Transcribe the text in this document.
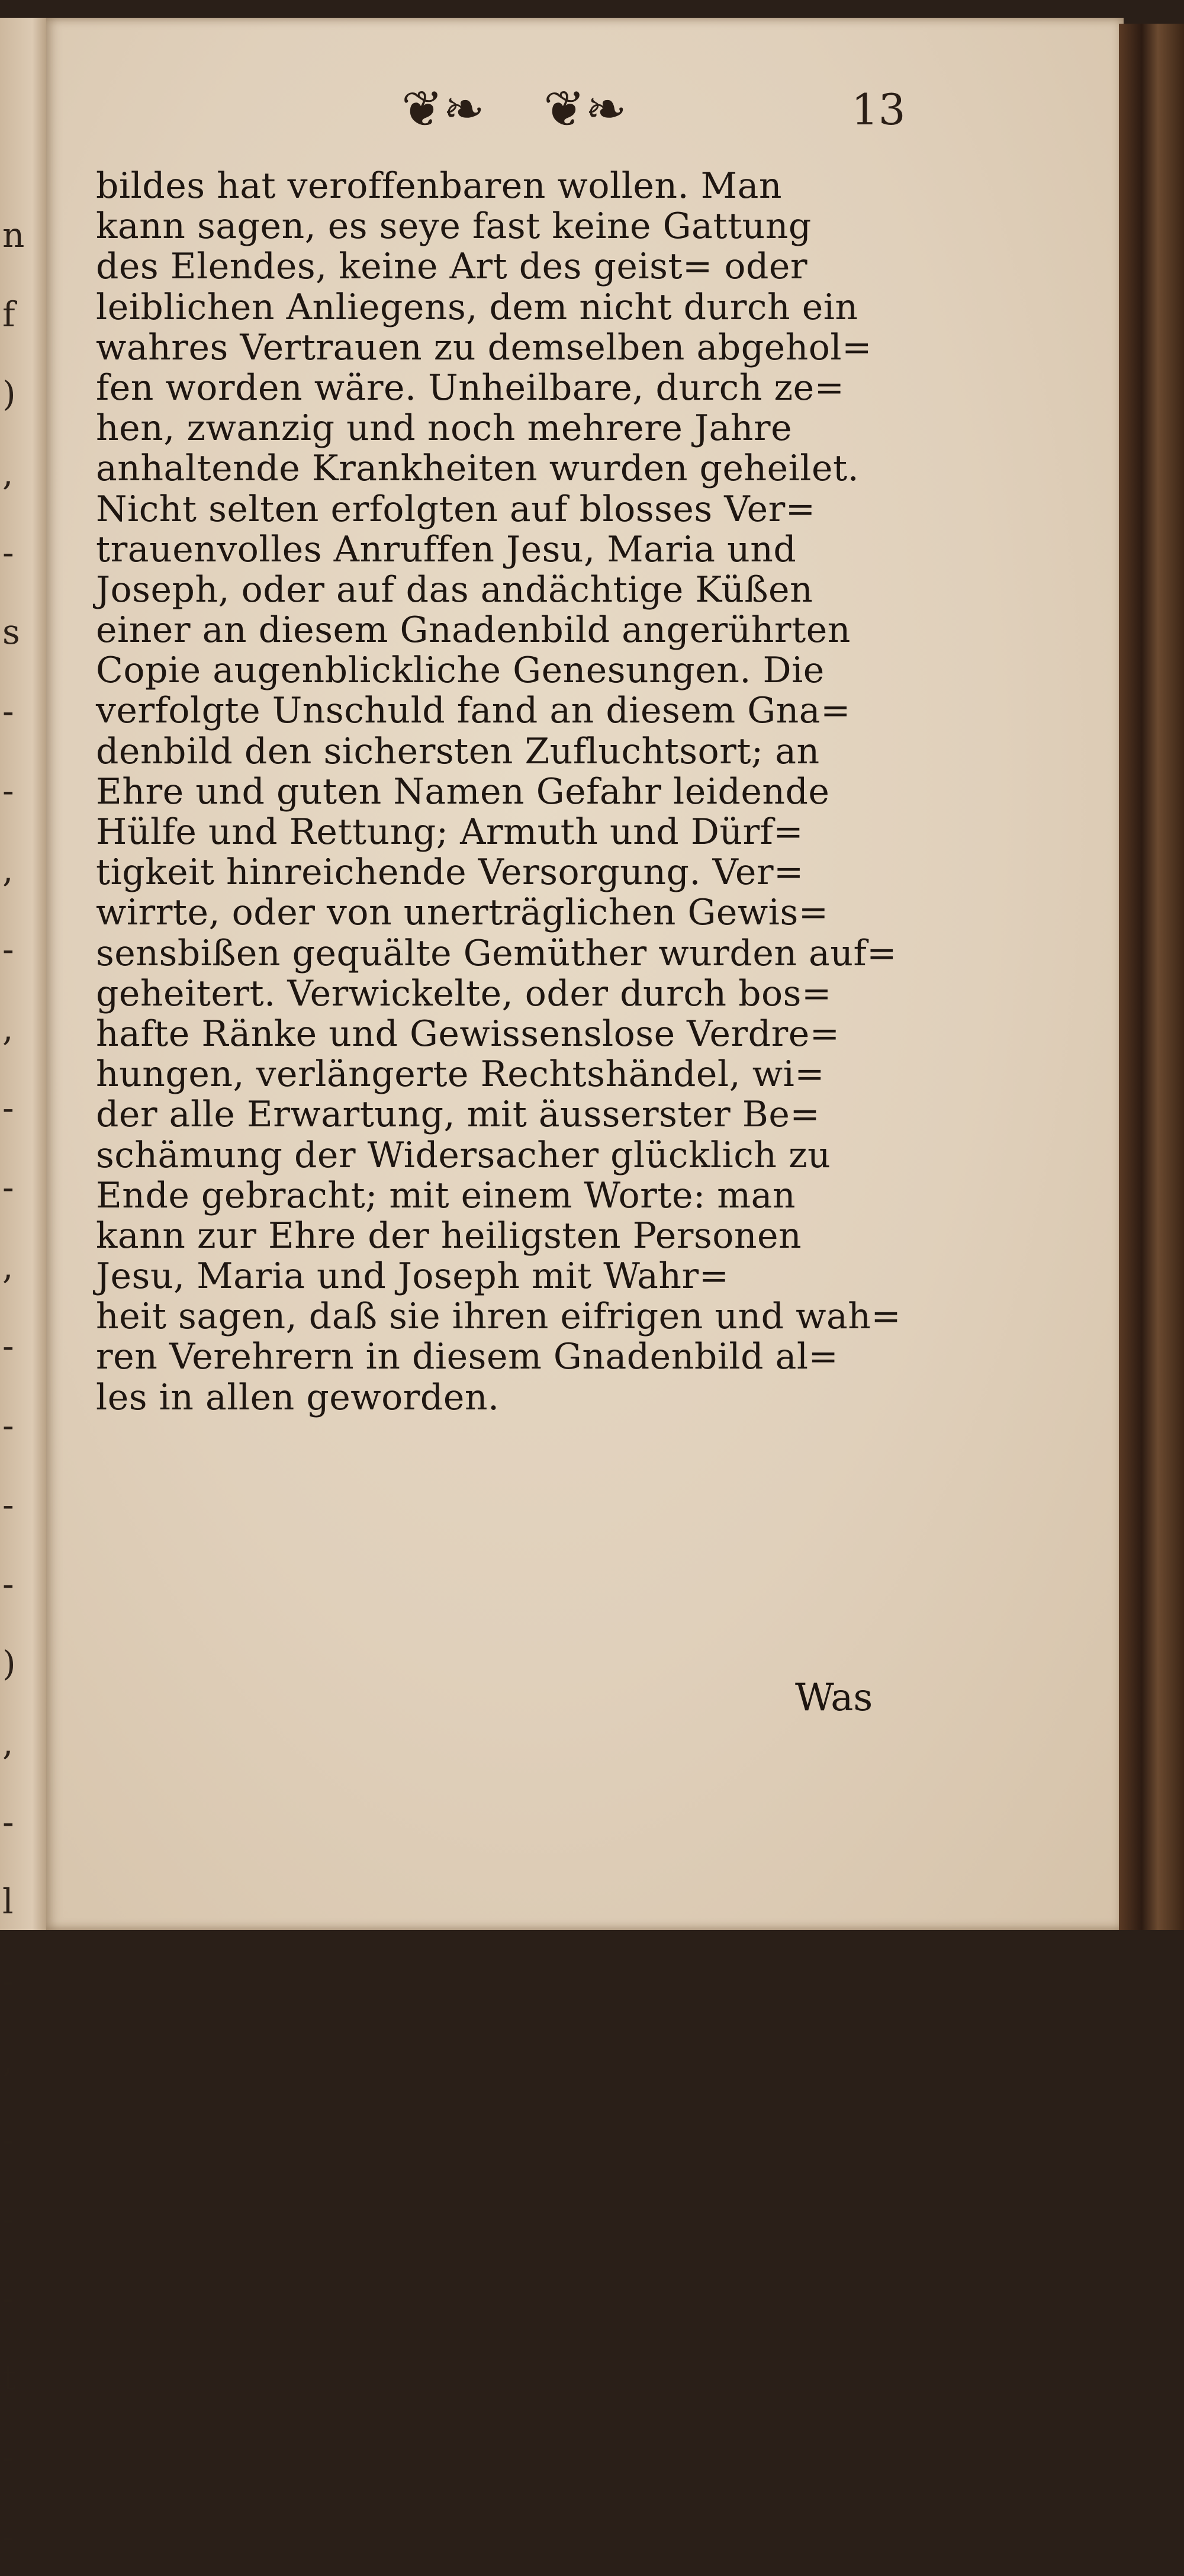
n
f
)
,
-
s
-
-
,
-
,
-
-
,
-
-
-
-
)
,
-
l
-
,
-
-
-
t
-
-
❦❧ ❦❧	13
bildes hat veroffenbaren wollen. Man
kann sagen, es seye fast keine Gattung
des Elendes, keine Art des geist= oder
leiblichen Anliegens, dem nicht durch ein
wahres Vertrauen zu demselben abgehol=
fen worden wäre. Unheilbare, durch ze=
hen, zwanzig und noch mehrere Jahre
anhaltende Krankheiten wurden geheilet.
Nicht selten erfolgten auf blosses Ver=
trauenvolles Anruffen Jesu, Maria und
Joseph, oder auf das andächtige Küßen
einer an diesem Gnadenbild angerührten
Copie augenblickliche Genesungen. Die
verfolgte Unschuld fand an diesem Gna=
denbild den sichersten Zufluchtsort; an
Ehre und guten Namen Gefahr leidende
Hülfe und Rettung; Armuth und Dürf=
tigkeit hinreichende Versorgung. Ver=
wirrte, oder von unerträglichen Gewis=
sensbißen gequälte Gemüther wurden auf=
geheitert. Verwickelte, oder durch bos=
hafte Ränke und Gewissenslose Verdre=
hungen, verlängerte Rechtshändel, wi=
der alle Erwartung, mit äusserster Be=
schämung der Widersacher glücklich zu
Ende gebracht; mit einem Worte: man
kann zur Ehre der heiligsten Personen
Jesu, Maria und Joseph mit Wahr=
heit sagen, daß sie ihren eifrigen und wah=
ren Verehrern in diesem Gnadenbild al=
les in allen geworden.
Was
